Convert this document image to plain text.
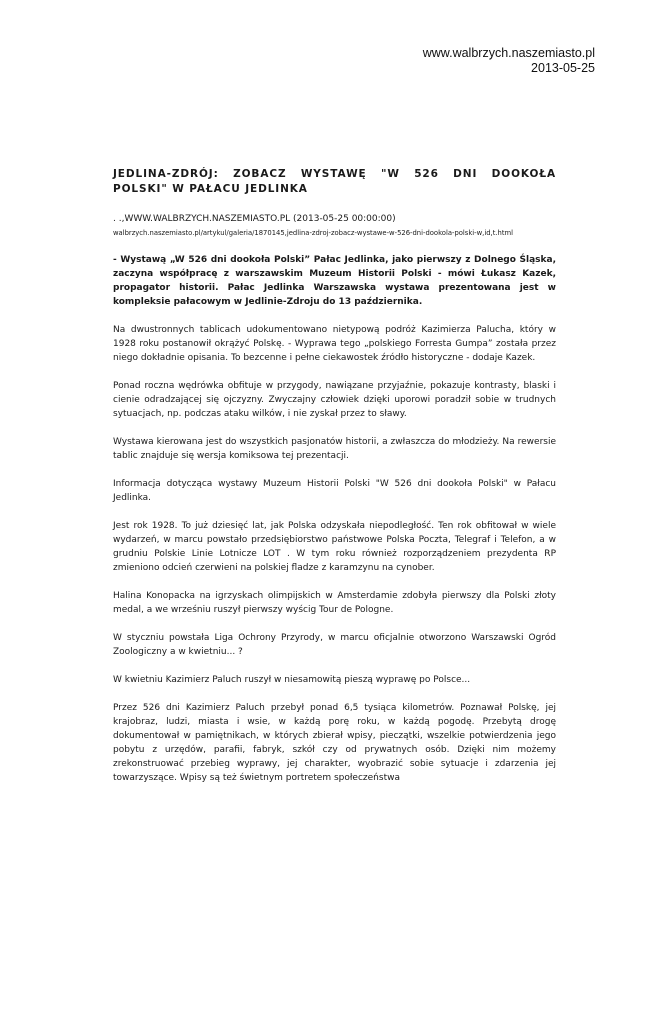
www.walbrzych.naszemiasto.pl
2013-05-25
JEDLINA-ZDRÓJ: ZOBACZ WYSTAWĘ "W 526 DNI DOOKOŁA POLSKI" W PAŁACU JEDLINKA

. .,WWW.WALBRZYCH.NASZEMIASTO.PL (2013-05-25 00:00:00)

walbrzych.naszemiasto.pl/artykul/galeria/1870145,jedlina-zdroj-zobacz-wystawe-w-526-dni-dookola-polski-w,id,t.html

- Wystawą „W 526 dni dookoła Polski” Pałac Jedlinka, jako pierwszy z Dolnego Śląska, zaczyna współpracę z warszawskim Muzeum Historii Polski - mówi Łukasz Kazek, propagator historii. Pałac Jedlinka Warszawska wystawa prezentowana jest w kompleksie pałacowym w Jedlinie-Zdroju do 13 października.

Na dwustronnych tablicach udokumentowano nietypową podróż Kazimierza Palucha, który w 1928 roku postanowił okrążyć Polskę. - Wyprawa tego „polskiego Forresta Gumpa” została przez niego dokładnie opisania. To bezcenne i pełne ciekawostek źródło historyczne - dodaje Kazek.

Ponad roczna wędrówka obfituje w przygody, nawiązane przyjaźnie, pokazuje kontrasty, blaski i cienie odradzającej się ojczyzny. Zwyczajny człowiek dzięki uporowi poradził sobie w trudnych sytuacjach, np. podczas ataku wilków, i nie zyskał przez to sławy.

Wystawa kierowana jest do wszystkich pasjonatów historii, a zwłaszcza do młodzieży. Na rewersie tablic znajduje się wersja komiksowa tej prezentacji.

Informacja dotycząca wystawy Muzeum Historii Polski "W 526 dni dookoła Polski" w Pałacu Jedlinka.

Jest rok 1928. To już dziesięć lat, jak Polska odzyskała niepodległość. Ten rok obfitował w wiele wydarzeń, w marcu powstało przedsiębiorstwo państwowe Polska Poczta, Telegraf i Telefon, a w grudniu Polskie Linie Lotnicze LOT . W tym roku również rozporządzeniem prezydenta RP zmieniono odcień czerwieni na polskiej fladze z karamzynu na cynober.

Halina Konopacka na igrzyskach olimpijskich w Amsterdamie zdobyła pierwszy dla Polski złoty medal, a we wrześniu ruszył pierwszy wyścig Tour de Pologne.

W styczniu powstała Liga Ochrony Przyrody, w marcu oficjalnie otworzono Warszawski Ogród Zoologiczny a w kwietniu... ?

W kwietniu Kazimierz Paluch ruszył w niesamowitą pieszą wyprawę po Polsce...

Przez 526 dni Kazimierz Paluch przebył ponad 6,5 tysiąca kilometrów. Poznawał Polskę, jej krajobraz, ludzi, miasta i wsie, w każdą porę roku, w każdą pogodę. Przebytą drogę dokumentował w pamiętnikach, w których zbierał wpisy, pieczątki, wszelkie potwierdzenia jego pobytu z urzędów, parafii, fabryk, szkół czy od prywatnych osób. Dzięki nim możemy zrekonstruować przebieg wyprawy, jej charakter, wyobrazić sobie sytuacje i zdarzenia jej towarzyszące. Wpisy są też świetnym portretem społeczeństwa
